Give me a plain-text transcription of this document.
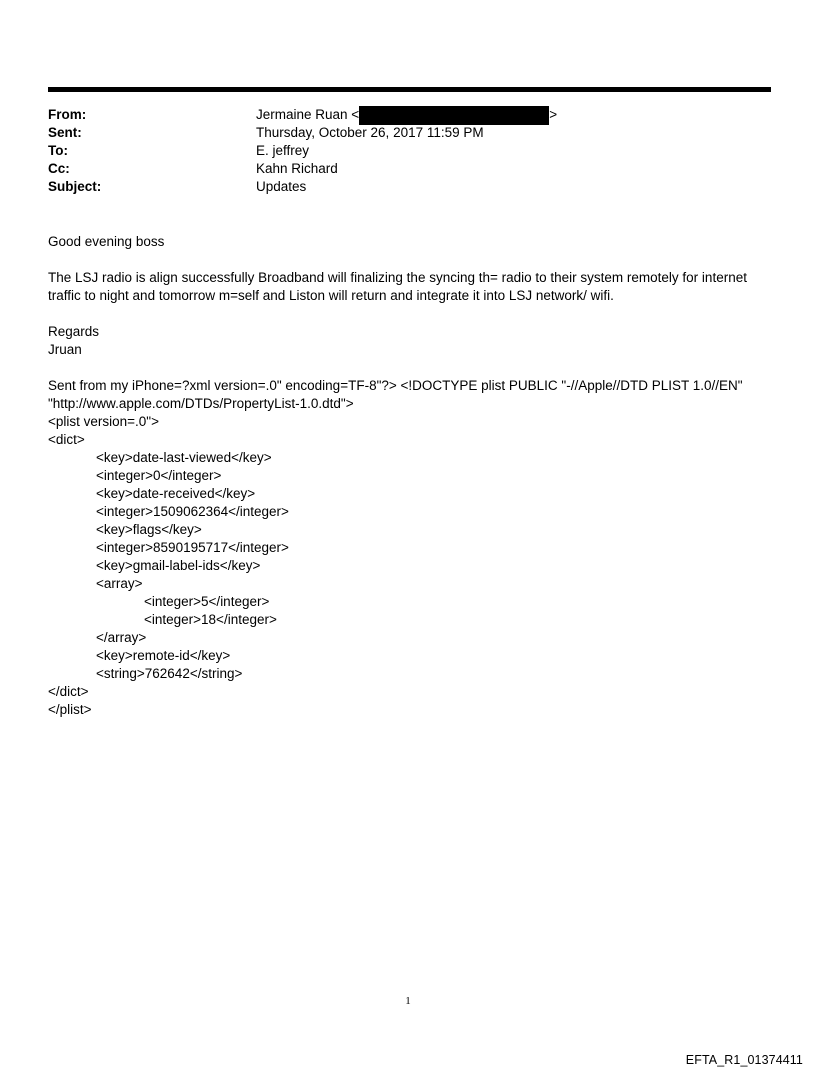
From:	Jermaine Ruan <	>
Sent:	Thursday, October 26, 2017 11:59 PM
To:	E. jeffrey
Cc:	Kahn Richard
Subject:	Updates

Good evening boss

The LSJ radio is align successfully Broadband will finalizing the syncing th= radio to their system remotely for internet traffic to night and tomorrow m=self and Liston will return and integrate it into LSJ network/ wifi.

Regards

Jruan

Sent from my iPhone=?xml version=.0" encoding=TF-8"?> <!DOCTYPE plist PUBLIC "-//Apple//DTD PLIST 1.0//EN" "http://www.apple.com/DTDs/PropertyList-1.0.dtd">

<plist version=.0">
<dict>
<key>date-last-viewed</key>
<integer>0</integer>
<key>date-received</key>
<integer>1509062364</integer>
<key>flags</key>
<integer>8590195717</integer>
<key>gmail-label-ids</key>
<array>
<integer>5</integer>
<integer>18</integer>
</array>
<key>remote-id</key>
<string>762642</string>
</dict>
</plist>
1
EFTA_R1_01374411
